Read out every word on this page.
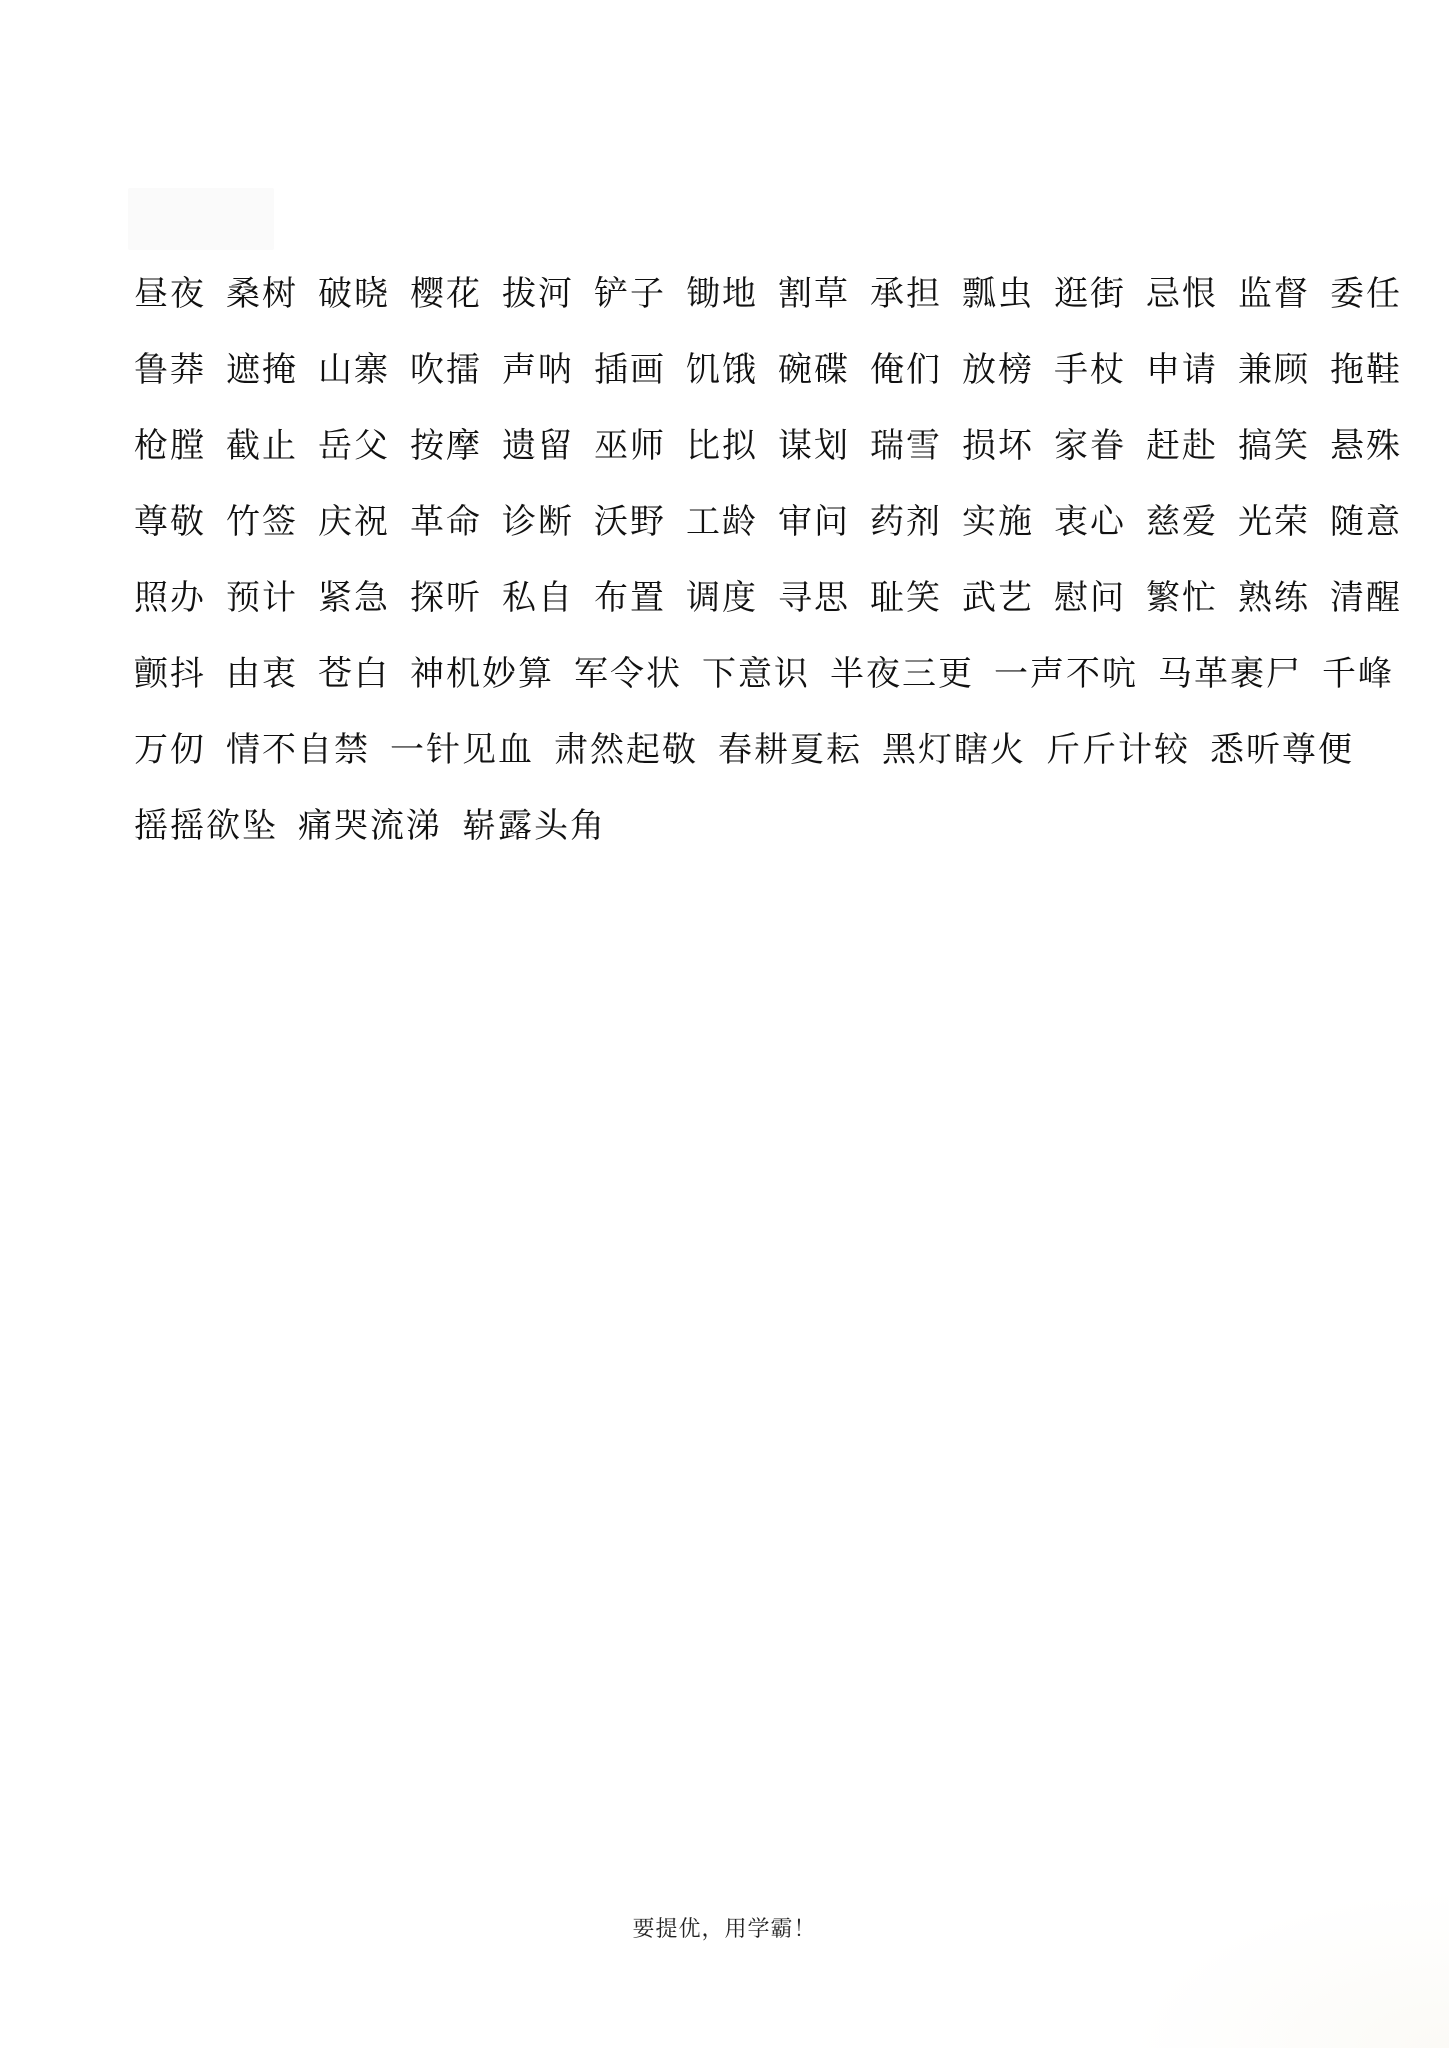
昼夜 桑树 破晓 樱花 拔河 铲子 锄地 割草 承担 瓢虫 逛街 忌恨 监督 委任
鲁莽 遮掩 山寨 吹擂 声呐 插画 饥饿 碗碟 俺们 放榜 手杖 申请 兼顾 拖鞋
枪膛 截止 岳父 按摩 遗留 巫师 比拟 谋划 瑞雪 损坏 家眷 赶赴 搞笑 悬殊
尊敬 竹签 庆祝 革命 诊断 沃野 工龄 审问 药剂 实施 衷心 慈爱 光荣 随意
照办 预计 紧急 探听 私自 布置 调度 寻思 耻笑 武艺 慰问 繁忙 熟练 清醒
颤抖 由衷 苍白 神机妙算 军令状 下意识 半夜三更 一声不吭 马革裹尸 千峰
万仞 情不自禁 一针见血 肃然起敬 春耕夏耘 黑灯瞎火 斤斤计较 悉听尊便
摇摇欲坠 痛哭流涕 崭露头角
要提优，用学霸！
